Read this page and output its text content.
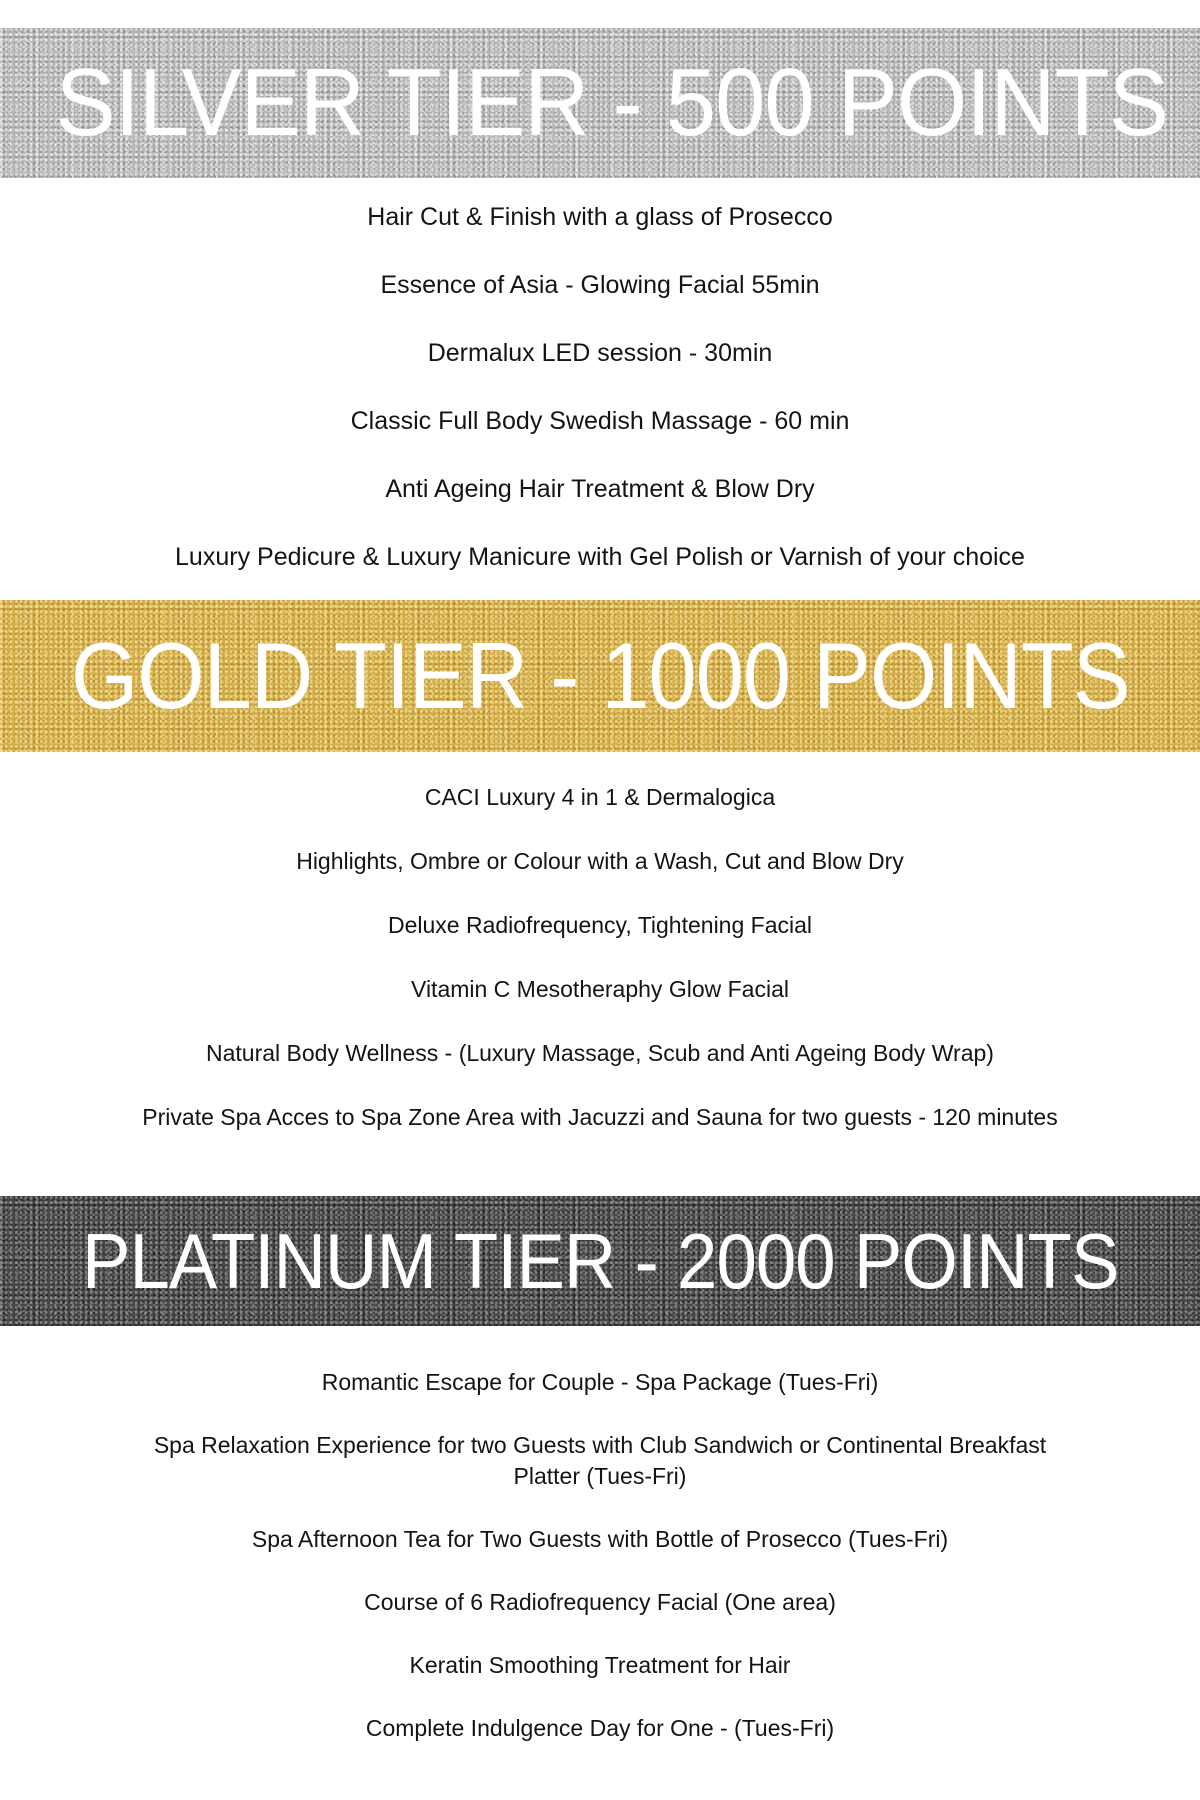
SILVER TIER - 500 POINTS
Hair Cut & Finish with a glass of Prosecco
Essence of Asia - Glowing Facial 55min
Dermalux LED session - 30min
Classic Full Body Swedish Massage - 60 min
Anti Ageing Hair Treatment & Blow Dry
Luxury Pedicure & Luxury Manicure with Gel Polish or Varnish of your choice
GOLD TIER - 1000 POINTS
CACI Luxury 4 in 1 & Dermalogica
Highlights, Ombre or Colour with a Wash, Cut and Blow Dry
Deluxe Radiofrequency, Tightening Facial
Vitamin C Mesotheraphy Glow Facial
Natural Body Wellness - (Luxury Massage, Scub and Anti Ageing Body Wrap)
Private Spa Acces to Spa Zone Area with Jacuzzi and Sauna for two guests - 120 minutes
PLATINUM TIER - 2000 POINTS
Romantic Escape for Couple - Spa Package (Tues-Fri)
Spa Relaxation Experience for two Guests with Club Sandwich or Continental Breakfast Platter (Tues-Fri)
Spa Afternoon Tea for Two Guests with Bottle of Prosecco (Tues-Fri)
Course of 6 Radiofrequency Facial (One area)
Keratin Smoothing Treatment for Hair
Complete Indulgence Day for One - (Tues-Fri)
